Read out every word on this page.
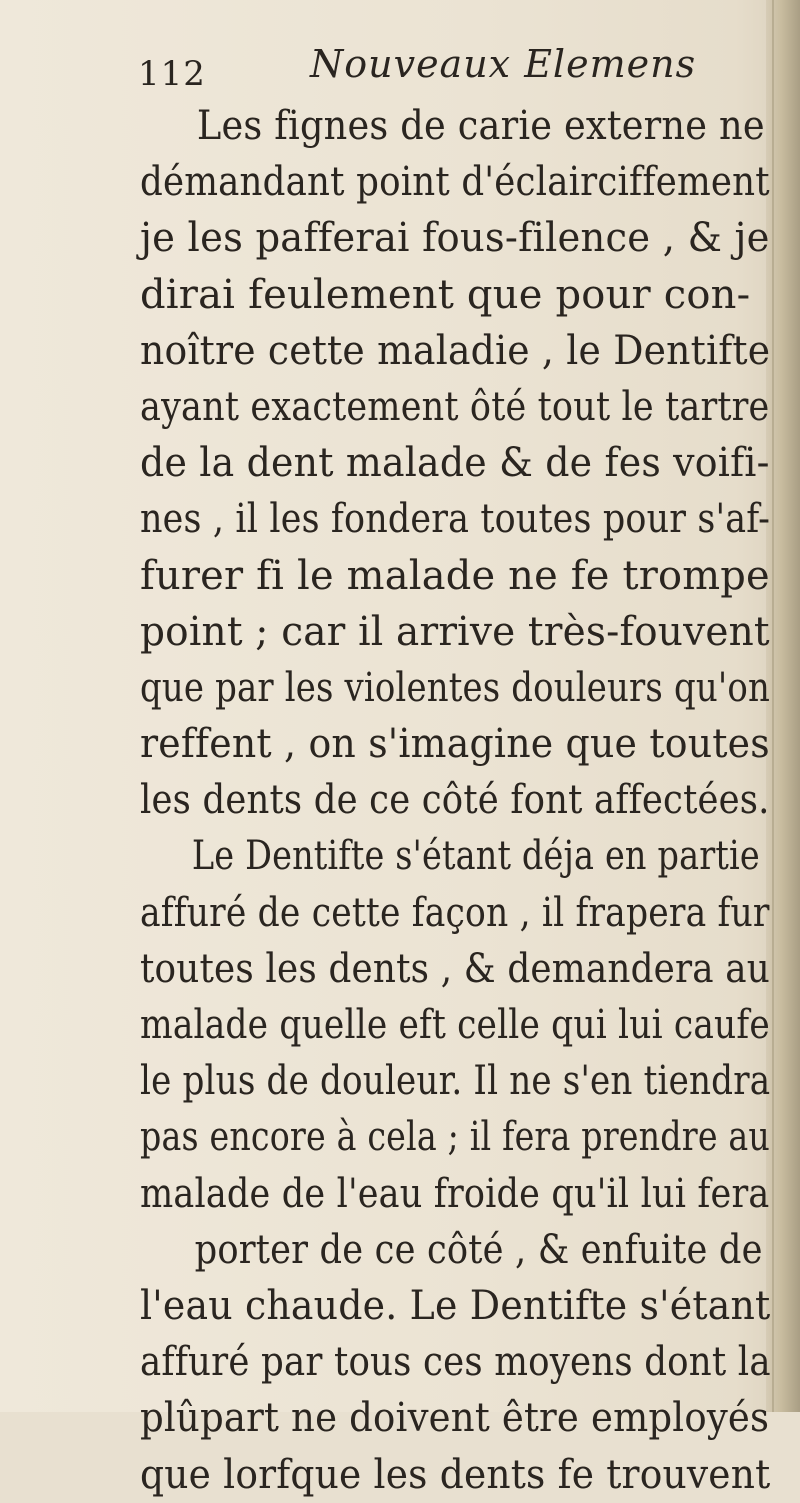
112	Nouveaux Elemens
Les fignes de carie externe ne
démandant point d'éclairciffement
je les pafferai fous-filence , & je
dirai feulement que pour con-
noître cette maladie , le Dentifte
ayant exactement ôté tout le tartre
de la dent malade & de fes voifi-
nes , il les fondera toutes pour s'af-
furer fi le malade ne fe trompe
point ; car il arrive très-fouvent
que par les violentes douleurs qu'on
reffent , on s'imagine que toutes
les dents de ce côté font affectées.
Le Dentifte s'étant déja en partie
affuré de cette façon , il frapera fur
toutes les dents , & demandera au
malade quelle eft celle qui lui caufe
le plus de douleur. Il ne s'en tiendra
pas encore à cela ; il fera prendre au
malade de l'eau froide qu'il lui fera
porter de ce côté , & enfuite de
l'eau chaude. Le Dentifte s'étant
affuré par tous ces moyens dont la
plûpart ne doivent être employés
que lorfque les dents fe trouvent
